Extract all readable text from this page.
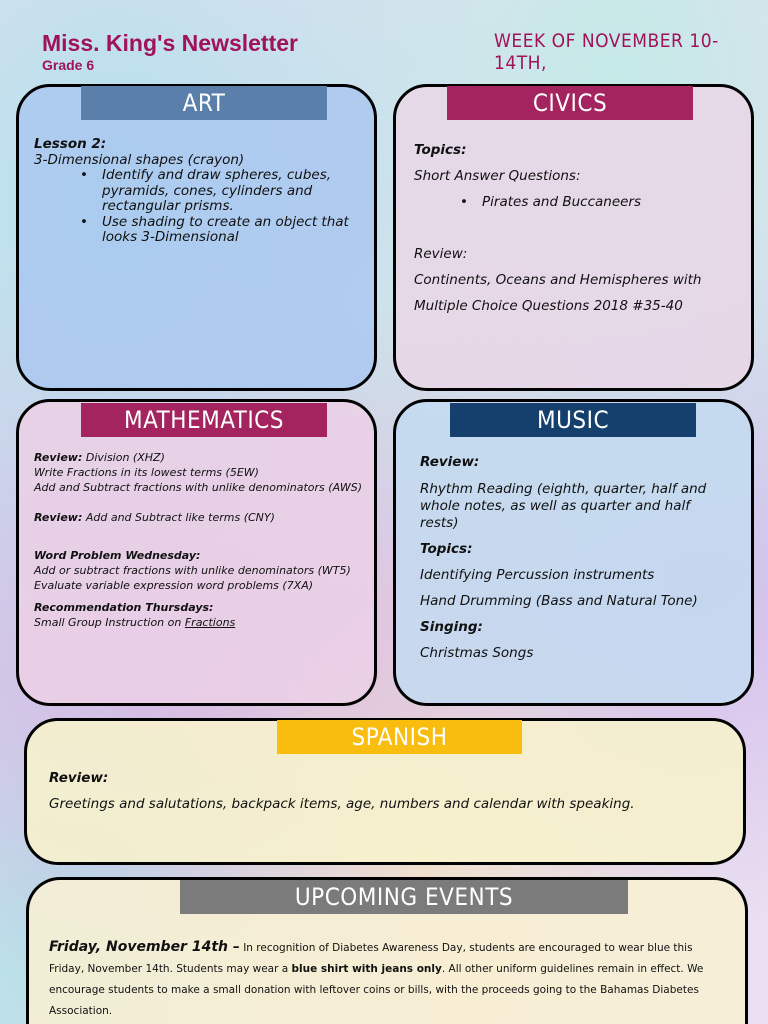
Miss. King's Newsletter
Grade 6
WEEK OF NOVEMBER 10-14TH,
ART
Lesson 2:
3-Dimensional shapes (crayon)
• Identify and draw spheres, cubes, pyramids, cones, cylinders and rectangular prisms.
• Use shading to create an object that looks 3-Dimensional
CIVICS
Topics:
Short Answer Questions:
• Pirates and Buccaneers
Review:
Continents, Oceans and Hemispheres with
Multiple Choice Questions 2018 #35-40
MATHEMATICS

Review: Division (XHZ)

Write Fractions in its lowest terms (5EW)

Add and Subtract fractions with unlike denominators (AWS)

Review: Add and Subtract like terms (CNY)

Word Problem Wednesday:

Add or subtract fractions with unlike denominators (WT5)

Evaluate variable expression word problems (7XA)

Recommendation Thursdays:

Small Group Instruction on Fractions

MUSIC

Review:

Rhythm Reading (eighth, quarter, half and whole notes, as well as quarter and half rests)

Topics:

Identifying Percussion instruments

Hand Drumming (Bass and Natural Tone)

Singing:

Christmas Songs

SPANISH
Review:
Greetings and salutations, backpack items, age, numbers and calendar with speaking.
UPCOMING EVENTS
Friday, November 14th – In recognition of Diabetes Awareness Day, students are encouraged to wear blue this Friday, November 14th. Students may wear a blue shirt with jeans only. All other uniform guidelines remain in effect. We encourage students to make a small donation with leftover coins or bills, with the proceeds going to the Bahamas Diabetes Association.
